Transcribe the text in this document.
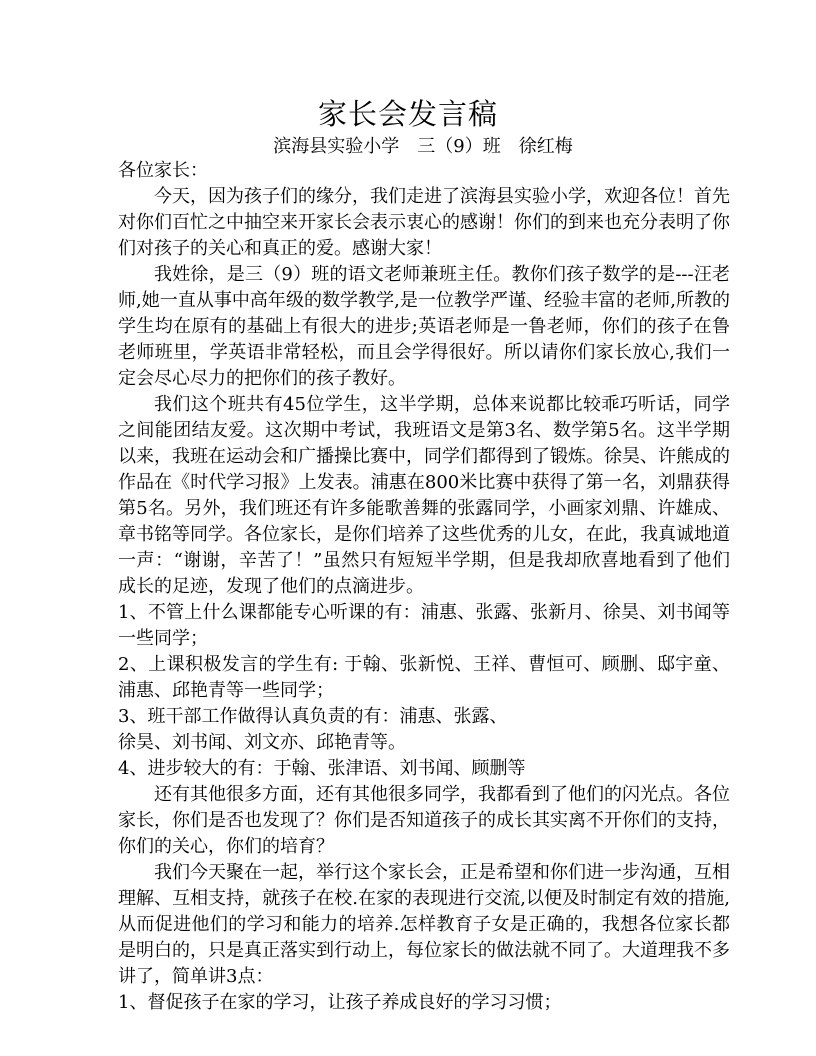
家长会发言稿
滨海县实验小学　三（9）班　徐红梅

各位家长：

今天，因为孩子们的缘分，我们走进了滨海县实验小学，欢迎各位！首先对你们百忙之中抽空来开家长会表示衷心的感谢！你们的到来也充分表明了你们对孩子的关心和真正的爱。感谢大家！

我姓徐，是三（9）班的语文老师兼班主任。教你们孩子数学的是---汪老师,她一直从事中高年级的数学教学,是一位教学严谨、经验丰富的老师,所教的学生均在原有的基础上有很大的进步;英语老师是一鲁老师，你们的孩子在鲁老师班里，学英语非常轻松，而且会学得很好。所以请你们家长放心,我们一定会尽心尽力的把你们的孩子教好。

我们这个班共有45位学生，这半学期，总体来说都比较乖巧听话，同学之间能团结友爱。这次期中考试，我班语文是第3名、数学第5名。这半学期以来，我班在运动会和广播操比赛中，同学们都得到了锻炼。徐昊、许熊成的作品在《时代学习报》上发表。浦惠在800米比赛中获得了第一名，刘鼎获得第5名。另外，我们班还有许多能歌善舞的张露同学，小画家刘鼎、许雄成、章书铭等同学。各位家长，是你们培养了这些优秀的儿女，在此，我真诚地道一声：“谢谢，辛苦了！”虽然只有短短半学期，但是我却欣喜地看到了他们成长的足迹，发现了他们的点滴进步。

1、不管上什么课都能专心听课的有：浦惠、张露、张新月、徐昊、刘书闻等一些同学；

2、上课积极发言的学生有: 于翰、张新悦、王祥、曹恒可、顾删、邸宇童、浦惠、邱艳青等一些同学；

3、班干部工作做得认真负责的有：浦惠、张露、

徐昊、刘书闻、刘文亦、邱艳青等。

4、进步较大的有：于翰、张津语、刘书闻、顾删等

还有其他很多方面，还有其他很多同学，我都看到了他们的闪光点。各位家长，你们是否也发现了？你们是否知道孩子的成长其实离不开你们的支持，你们的关心，你们的培育？

我们今天聚在一起，举行这个家长会，正是希望和你们进一步沟通，互相理解、互相支持，就孩子在校.在家的表现进行交流,以便及时制定有效的措施,从而促进他们的学习和能力的培养.怎样教育子女是正确的，我想各位家长都是明白的，只是真正落实到行动上，每位家长的做法就不同了。大道理我不多讲了，简单讲3点：

1、督促孩子在家的学习，让孩子养成良好的学习习惯；
